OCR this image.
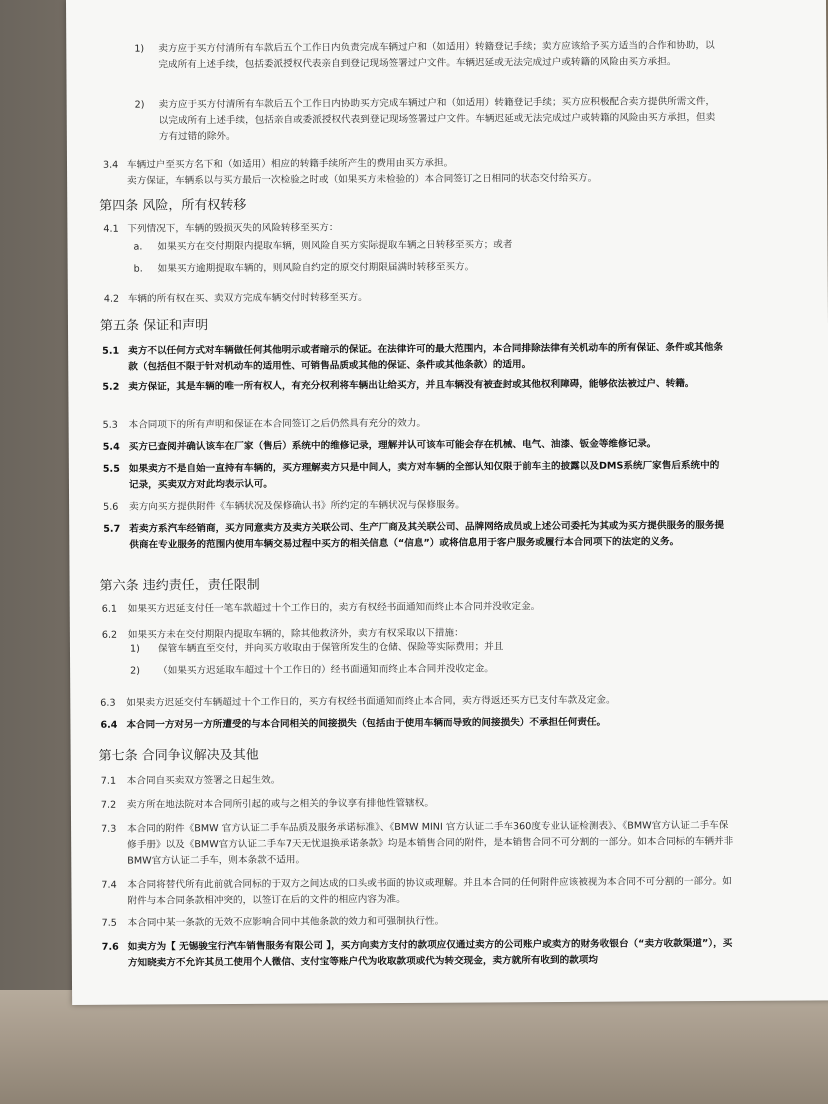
1) 卖方应于买方付清所有车款后五个工作日内负责完成车辆过户和（如适用）转籍登记手续；卖方应该给予买方适当的合作和协助，以完成所有上述手续，包括委派授权代表亲自到登记现场签署过户文件。车辆迟延或无法完成过户或转籍的风险由买方承担。
2) 卖方应于买方付清所有车款后五个工作日内协助买方完成车辆过户和（如适用）转籍登记手续；买方应积极配合卖方提供所需文件，以完成所有上述手续，包括亲自或委派授权代表到登记现场签署过户文件。车辆迟延或无法完成过户或转籍的风险由买方承担，但卖方有过错的除外。
3.4 车辆过户至买方名下和（如适用）相应的转籍手续所产生的费用由买方承担。
卖方保证，车辆系以与买方最后一次检验之时或（如果买方未检验的）本合同签订之日相同的状态交付给买方。
第四条 风险，所有权转移
4.1 下列情况下，车辆的毁损灭失的风险转移至买方：
a. 如果买方在交付期限内提取车辆，则风险自买方实际提取车辆之日转移至买方；或者
b. 如果买方逾期提取车辆的，则风险自约定的原交付期限届满时转移至买方。
4.2 车辆的所有权在买、卖双方完成车辆交付时转移至买方。
第五条 保证和声明
5.1 卖方不以任何方式对车辆做任何其他明示或者暗示的保证。在法律许可的最大范围内，本合同排除法律有关机动车的所有保证、条件或其他条款（包括但不限于针对机动车的适用性、可销售品质或其他的保证、条件或其他条款）的适用。
5.2 卖方保证，其是车辆的唯一所有权人，有充分权利将车辆出让给买方，并且车辆没有被查封或其他权利障碍，能够依法被过户、转籍。
5.3 本合同项下的所有声明和保证在本合同签订之后仍然具有充分的效力。
5.4 买方已查阅并确认该车在厂家（售后）系统中的维修记录，理解并认可该车可能会存在机械、电气、油漆、钣金等维修记录。
5.5 如果卖方不是自始一直持有车辆的，买方理解卖方只是中间人，卖方对车辆的全部认知仅限于前车主的披露以及DMS系统厂家售后系统中的记录，买卖双方对此均表示认可。
5.6 卖方向买方提供附件《车辆状况及保修确认书》所约定的车辆状况与保修服务。
5.7 若卖方系汽车经销商，买方同意卖方及卖方关联公司、生产厂商及其关联公司、品牌网络成员或上述公司委托为其或为买方提供服务的服务提供商在专业服务的范围内使用车辆交易过程中买方的相关信息（“信息”）或将信息用于客户服务或履行本合同项下的法定的义务。
第六条 违约责任，责任限制
6.1 如果买方迟延支付任一笔车款超过十个工作日的，卖方有权经书面通知而终止本合同并没收定金。
6.2 如果买方未在交付期限内提取车辆的，除其他救济外，卖方有权采取以下措施：
1) 保管车辆直至交付，并向买方收取由于保管所发生的仓储、保险等实际费用；并且
2) （如果买方迟延取车超过十个工作日的）经书面通知而终止本合同并没收定金。
6.3 如果卖方迟延交付车辆超过十个工作日的，买方有权经书面通知而终止本合同，卖方得返还买方已支付车款及定金。
6.4 本合同一方对另一方所遭受的与本合同相关的间接损失（包括由于使用车辆而导致的间接损失）不承担任何责任。
第七条 合同争议解决及其他
7.1 本合同自买卖双方签署之日起生效。
7.2 卖方所在地法院对本合同所引起的或与之相关的争议享有排他性管辖权。
7.3 本合同的附件《BMW 官方认证二手车品质及服务承诺标准》、《BMW MINI 官方认证二手车360度专业认证检测表》、《BMW官方认证二手车保修手册》以及《BMW官方认证二手车7天无忧退换承诺条款》均是本销售合同的附件，是本销售合同不可分割的一部分。如本合同标的车辆并非BMW官方认证二手车，则本条款不适用。
7.4 本合同将替代所有此前就合同标的于双方之间达成的口头或书面的协议或理解。并且本合同的任何附件应该被视为本合同不可分割的一部分。如附件与本合同条款相冲突的，以签订在后的文件的相应内容为准。
7.5 本合同中某一条款的无效不应影响合同中其他条款的效力和可强制执行性。
7.6 如卖方为【 无锡骏宝行汽车销售服务有限公司 】，买方向卖方支付的款项应仅通过卖方的公司账户或卖方的财务收银台（“卖方收款渠道”），买方知晓卖方不允许其员工使用个人微信、支付宝等账户代为收取款项或代为转交现金，卖方就所有收到的款项均
